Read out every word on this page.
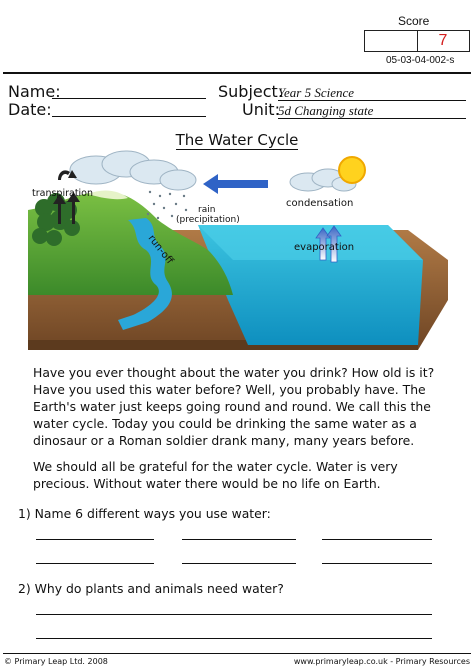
Score
7
05-03-04-002-s
Name:
Date:
Subject:
Year 5 Science
Unit:
5d Changing state
The Water Cycle
transpiration
rain
(precipitation)
run-off
condensation
evaporation
Have you ever thought about the water you drink? How old is it?
Have you used this water before? Well, you probably have. The
Earth's water just keeps going round and round. We call this the
water cycle. Today you could be drinking the same water as a
dinosaur or a Roman soldier drank many, many years before.
We should all be grateful for the water cycle. Water is very
precious. Without water there would be no life on Earth.
1) Name 6 different ways you use water:
2) Why do plants and animals need water?
© Primary Leap Ltd. 2008	www.primaryleap.co.uk - Primary Resources
